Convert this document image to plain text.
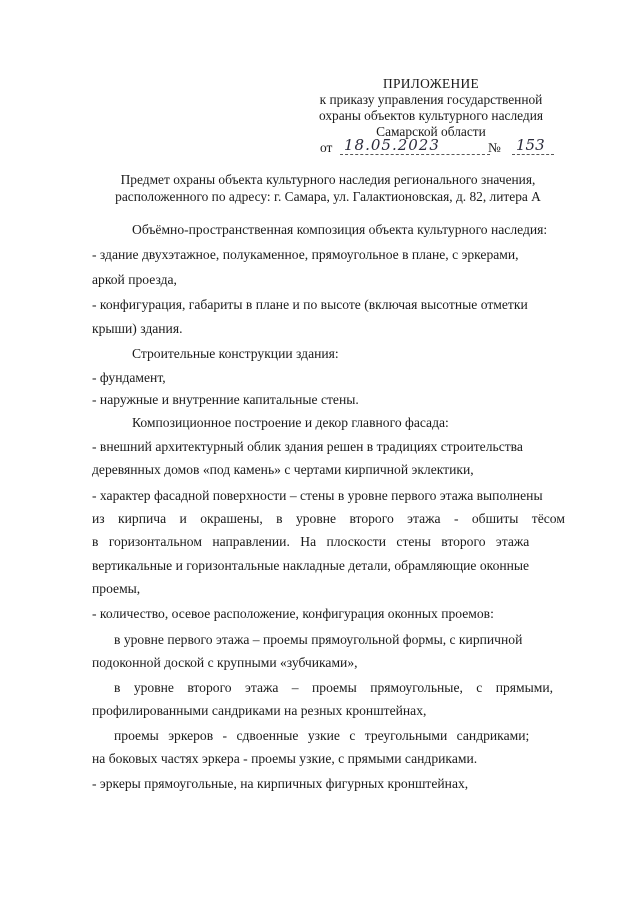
ПРИЛОЖЕНИЕ
к приказу управления государственной
охраны объектов культурного наследия
Самарской области
от 18.05.2023	№ 153
Предмет охраны объекта культурного наследия регионального значения,
расположенного по адресу: г. Самара, ул. Галактионовская, д. 82, литера А
Объёмно-пространственная композиция объекта культурного наследия:
- здание двухэтажное, полукаменное, прямоугольное в плане, с эркерами,
аркой проезда,
- конфигурация, габариты в плане и по высоте (включая высотные отметки
крыши) здания.
Строительные конструкции здания:
- фундамент,
- наружные и внутренние капитальные стены.
Композиционное построение и декор главного фасада:
- внешний архитектурный облик здания решен в традициях строительства
деревянных домов «под камень» с чертами кирпичной эклектики,
- характер фасадной поверхности – стены в уровне первого этажа выполнены
из кирпича и окрашены, в уровне второго этажа - обшиты тёсом
в горизонтальном направлении. На плоскости стены второго этажа
вертикальные и горизонтальные накладные детали, обрамляющие оконные
проемы,
- количество, осевое расположение, конфигурация оконных проемов:
в уровне первого этажа – проемы прямоугольной формы, с кирпичной
подоконной доской с крупными «зубчиками»,
в уровне второго этажа – проемы прямоугольные, с прямыми,
профилированными сандриками на резных кронштейнах,
проемы эркеров - сдвоенные узкие с треугольными сандриками;
на боковых частях эркера - проемы узкие, с прямыми сандриками.
- эркеры прямоугольные, на кирпичных фигурных кронштейнах,
